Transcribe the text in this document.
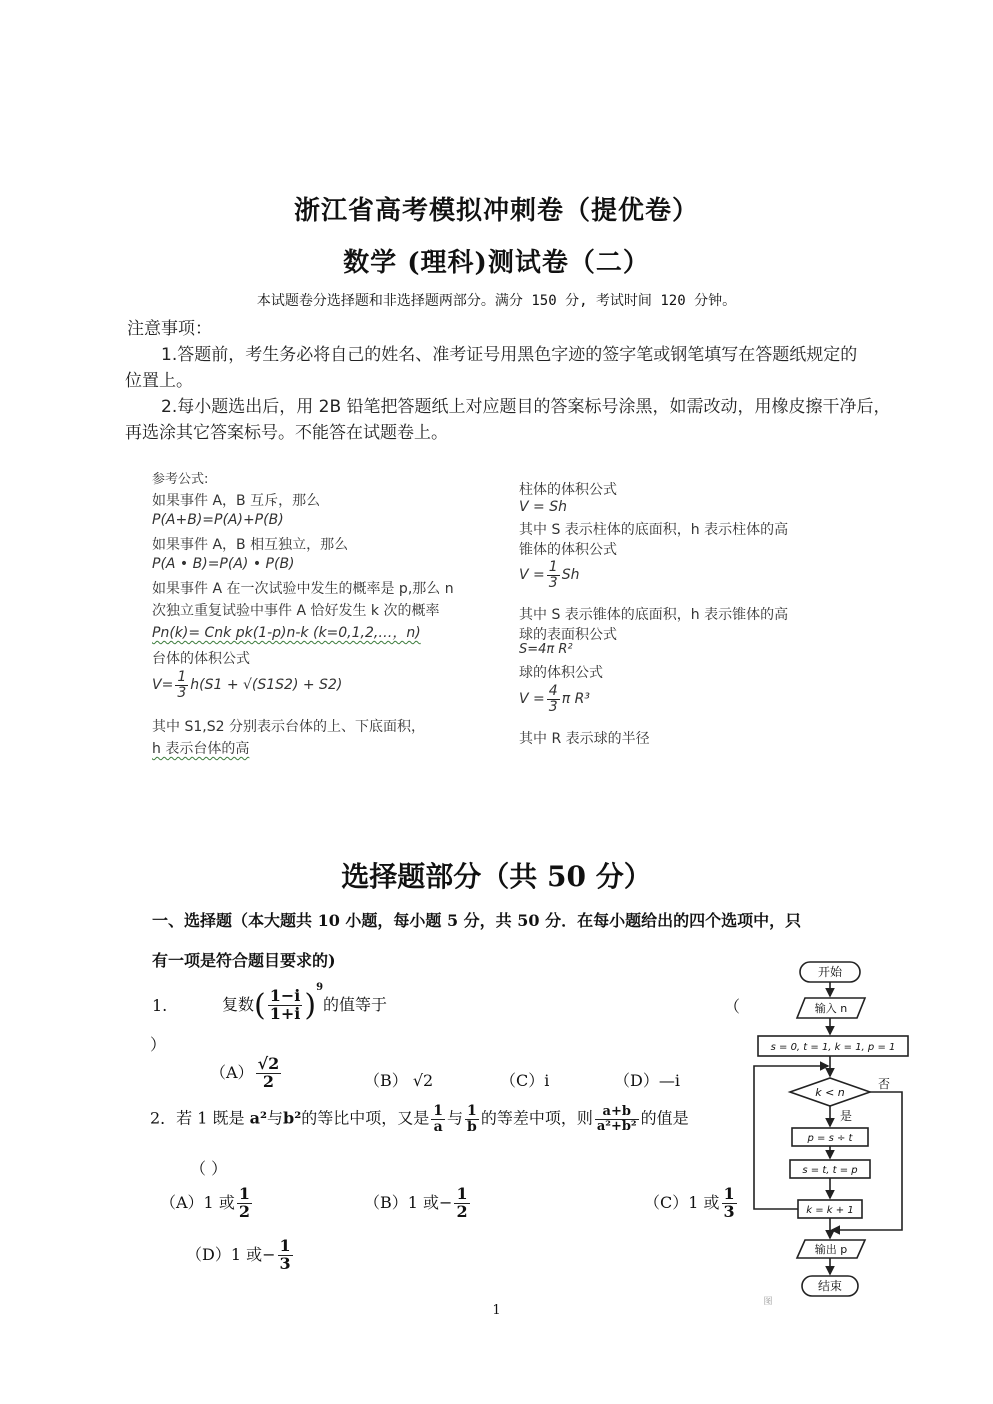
浙江省高考模拟冲刺卷（提优卷）
数学 (理科)测试卷（二）
本试题卷分选择题和非选择题两部分。满分 150 分, 考试时间 120 分钟。
注意事项：
1.答题前，考生务必将自己的姓名、准考证号用黑色字迹的签字笔或钢笔填写在答题纸规定的
位置上。
2.每小题选出后，用 2B 铅笔把答题纸上对应题目的答案标号涂黑，如需改动，用橡皮擦干净后，
再选涂其它答案标号。不能答在试题卷上。
参考公式:
如果事件 A，B 互斥，那么
P(A+B)=P(A)+P(B)
如果事件 A，B 相互独立，那么
P(A • B)=P(A) • P(B)
如果事件 A 在一次试验中发生的概率是 p,那么 n
次独立重复试验中事件 A 恰好发生 k 次的概率
Pn(k)= Cnk pk(1-p)n-k (k=0,1,2,…，n)
台体的体积公式
$V= \frac{1}{3} h(S1 + √(S1S2) + S2)$
其中 S1,S2 分别表示台体的上、下底面积，
h 表示台体的高
柱体的体积公式
V = Sh
其中 S 表示柱体的底面积，h 表示柱体的高
锥体的体积公式
$V = \frac{1}{3}$ Sh
其中 S 表示锥体的底面积，h 表示锥体的高
球的表面积公式
S=4π R²
球的体积公式
$V = \frac{4}{3}$ π R³
其中 R 表示球的半径
选择题部分（共 50 分）
一、选择题（本大题共 10 小题，每小题 5 分，共 50 分．在每小题给出的四个选项中，只
有一项是符合题目要求的)
1.	复数( $\frac{1-i}{1+i} )^9$的值等于	（
）
$(A) \frac{√2}{2}$	（B） √2	（C）i	（D）—i
2．若 1 既是 a²与b²的等比中项，又是 $\frac{1}{a}$ 与 $\frac{1}{b}$ 的等差中项，则 $\frac{a+b}{\text{a²+b²}}$ 的值是
（ ）
（A）1 或 $\frac{1}{2}$	（B）1 或− $\frac{1}{2}$	（C）1 或 $\frac{1}{3}$
（D）1 或− $\frac{1}{3}$
开始
输入 n
s = 0, t = 1, k = 1, p = 1
k < n
否
是
p = s ÷ t
s = t, t = p
k = k + 1
输出 p
结束
图
1
